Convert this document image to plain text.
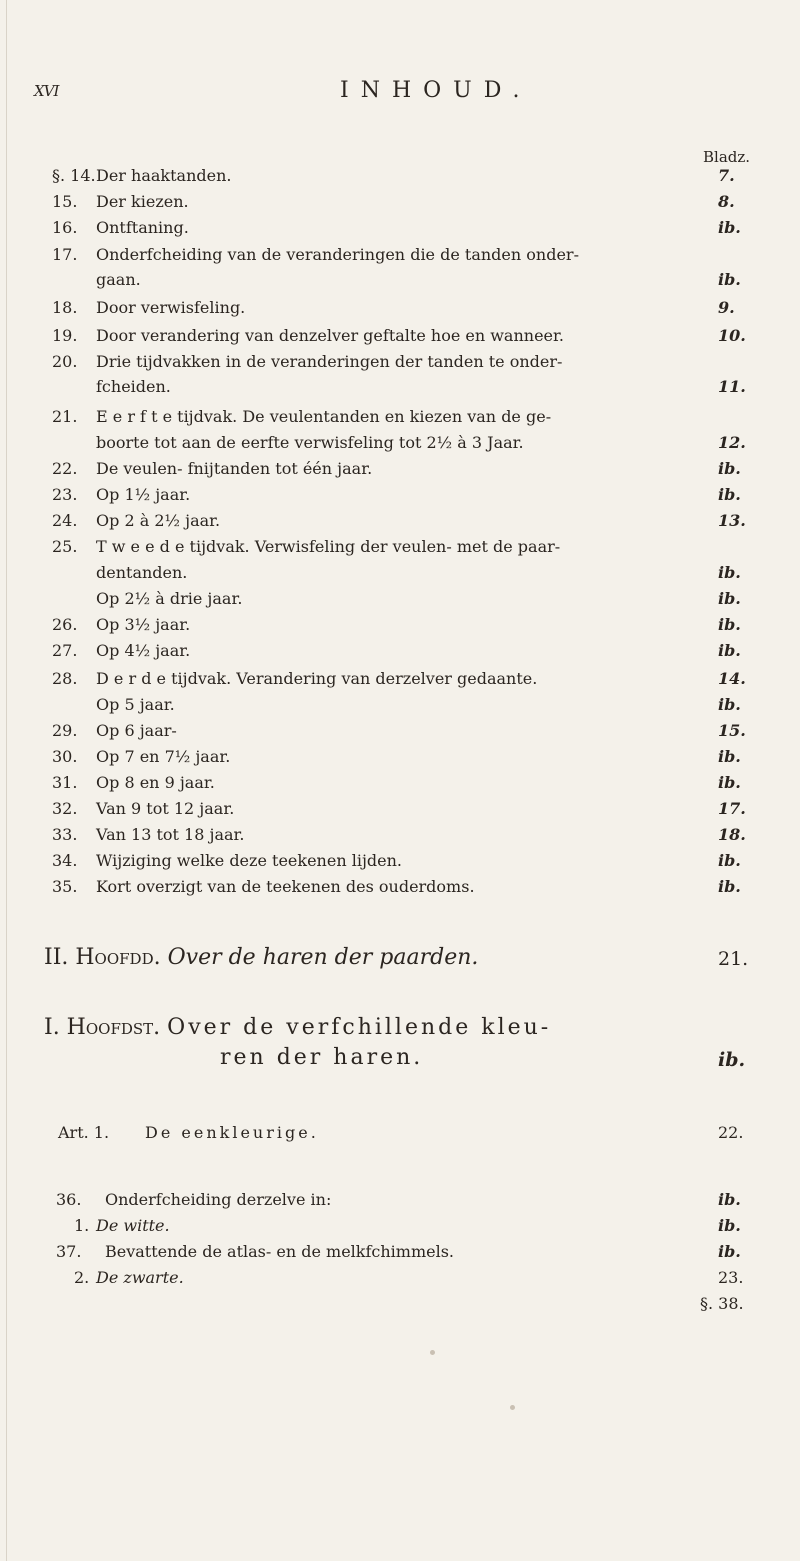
XVI	INHOUD.
Bladz.
§. 14. Der haaktanden.	7.
15.	Der kiezen.	8.
16.	Ontftaning.	ib.
17.	Onderfcheiding van de veranderingen die de tanden onder-
gaan.	ib.
18.	Door verwisfeling.	9.
19.	Door verandering van denzelver geftalte hoe en wanneer.	10.
20.	Drie tijdvakken in de veranderingen der tanden te onder-
fcheiden.	11.
21.	E e r f t e tijdvak. De veulentanden en kiezen van de ge-
boorte tot aan de eerfte verwisfeling tot 2½ à 3 Jaar.	12.
22.	De veulen- fnijtanden tot één jaar.	ib.
23.	Op 1½ jaar.	ib.
24.	Op 2 à 2½ jaar.	13.
25.	T w e e d e tijdvak. Verwisfeling der veulen- met de paar-
dentanden.	ib.
Op 2½ à drie jaar.	ib.
26.	Op 3½ jaar.	ib.
27.	Op 4½ jaar.	ib.
28.	D e r d e tijdvak. Verandering van derzelver gedaante.	14.
Op 5 jaar.	ib.
29.	Op 6 jaar-	15.
30.	Op 7 en 7½ jaar.	ib.
31.	Op 8 en 9 jaar.	ib.
32.	Van 9 tot 12 jaar.	17.
33.	Van 13 tot 18 jaar.	18.
34.	Wijziging welke deze teekenen lijden.	ib.
35.	Kort overzigt van de teekenen des ouderdoms.	ib.
II. Hoofdd. Over de haren der paarden.	21.
I. Hoofdst. Over de verfchillende kleu-
ren der haren.	ib.
Art. 1.	De eenkleurige.	22.
36.	Onderfcheiding derzelve in:	ib.
1. De witte.	ib.
37.	Bevattende de atlas- en de melkfchimmels.	ib.
2. De zwarte.	23.
§. 38.
